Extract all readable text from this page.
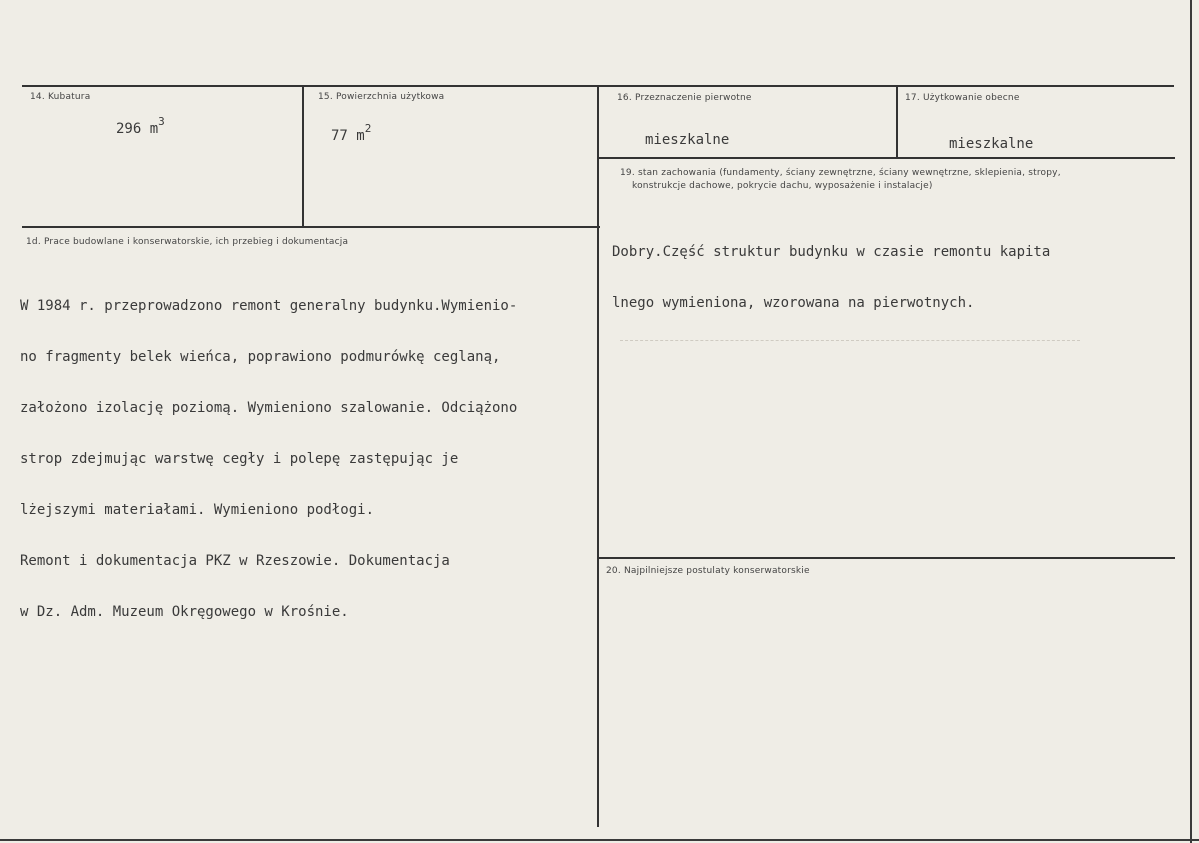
14. Kubatura
296 $m^3$
15. Powierzchnia użytkowa
77 $m^2$
16. Przeznaczenie pierwotne
mieszkalne
17. Użytkowanie obecne
mieszkalne
1d. Prace budowlane i konserwatorskie, ich przebieg i dokumentacja

W 1984 r. przeprowadzono remont generalny budynku.Wymienio-

no fragmenty belek wieńca, poprawiono podmurówkę ceglaną,

założono izolację poziomą. Wymieniono szalowanie. Odciążono

strop zdejmując warstwę cegły i polepę zastępując je

lżejszymi materiałami. Wymieniono podłogi.

Remont i dokumentacja PKZ w Rzeszowie. Dokumentacja

w Dz. Adm. Muzeum Okręgowego w Krośnie.

19. stan zachowania (fundamenty, ściany zewnętrzne, ściany wewnętrzne, sklepienia, stropy,
konstrukcje dachowe, pokrycie dachu, wyposażenie i instalacje)

Dobry.Część struktur budynku w czasie remontu kapita

lnego wymieniona, wzorowana na pierwotnych.

20. Najpilniejsze postulaty konserwatorskie
